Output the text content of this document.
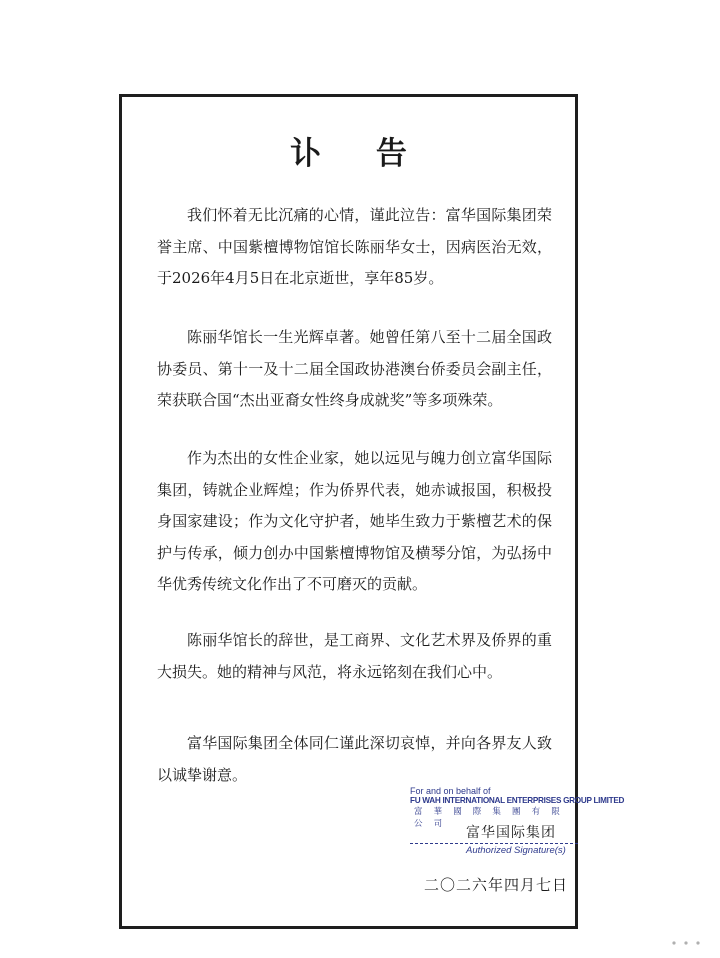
讣 告

我们怀着无比沉痛的心情，谨此泣告：富华国际集团荣誉主席、中国紫檀博物馆馆长陈丽华女士，因病医治无效，于2026年4月5日在北京逝世，享年85岁。

陈丽华馆长一生光辉卓著。她曾任第八至十二届全国政协委员、第十一及十二届全国政协港澳台侨委员会副主任，荣获联合国“杰出亚裔女性终身成就奖”等多项殊荣。

作为杰出的女性企业家，她以远见与魄力创立富华国际集团，铸就企业辉煌；作为侨界代表，她赤诚报国，积极投身国家建设；作为文化守护者，她毕生致力于紫檀艺术的保护与传承，倾力创办中国紫檀博物馆及横琴分馆，为弘扬中华优秀传统文化作出了不可磨灭的贡献。

陈丽华馆长的辞世，是工商界、文化艺术界及侨界的重大损失。她的精神与风范，将永远铭刻在我们心中。

富华国际集团全体同仁谨此深切哀悼，并向各界友人致以诚挚谢意。

For and on behalf of
FU WAH INTERNATIONAL ENTERPRISES GROUP LIMITED
富 華 國 際 集 團 有 限 公 司
富华国际集团
Authorized Signature(s)
二〇二六年四月七日
